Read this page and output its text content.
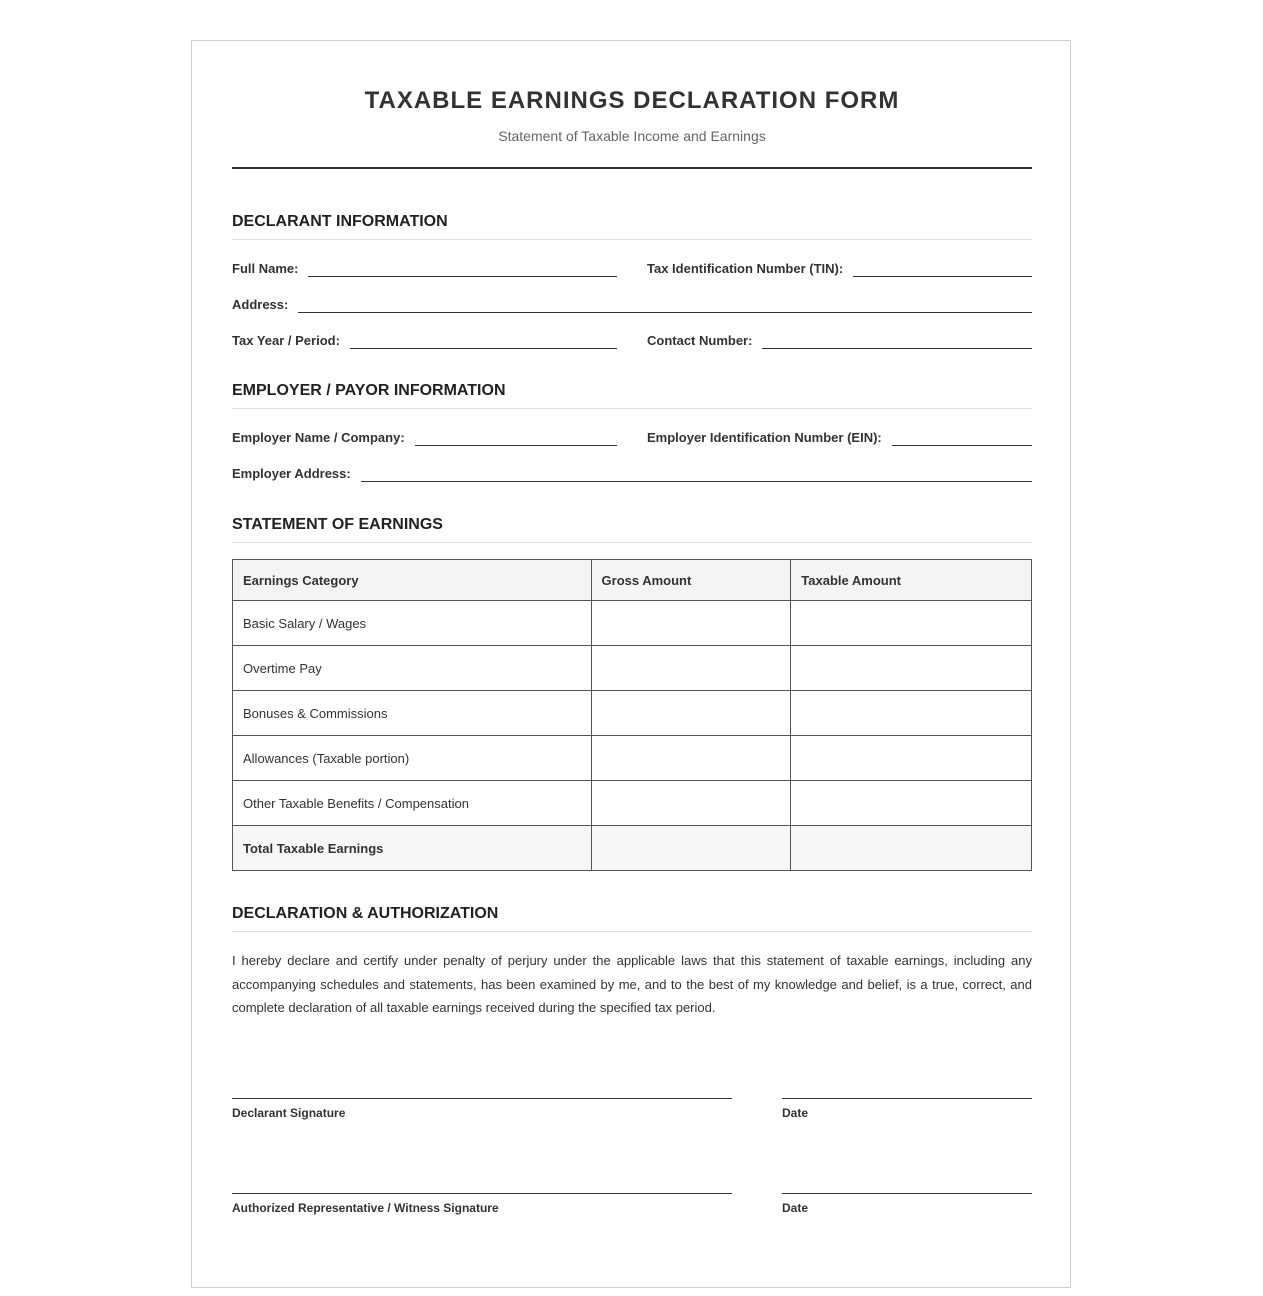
TAXABLE EARNINGS DECLARATION FORM
Statement of Taxable Income and Earnings
DECLARANT INFORMATION
Full Name:	Tax Identification Number (TIN):
Address:
Tax Year / Period:	Contact Number:
EMPLOYER / PAYOR INFORMATION
Employer Name / Company:	Employer Identification Number (EIN):
Employer Address:
STATEMENT OF EARNINGS
Earnings Category	Gross Amount	Taxable Amount
Basic Salary / Wages		
Overtime Pay		
Bonuses & Commissions		
Allowances (Taxable portion)		
Other Taxable Benefits / Compensation		
Total Taxable Earnings		
DECLARATION & AUTHORIZATION
I hereby declare and certify under penalty of perjury under the applicable laws that this statement of taxable earnings, including any accompanying schedules and statements, has been examined by me, and to the best of my knowledge and belief, is a true, correct, and complete declaration of all taxable earnings received during the specified tax period.
Declarant Signature	Date
Authorized Representative / Witness Signature	Date
